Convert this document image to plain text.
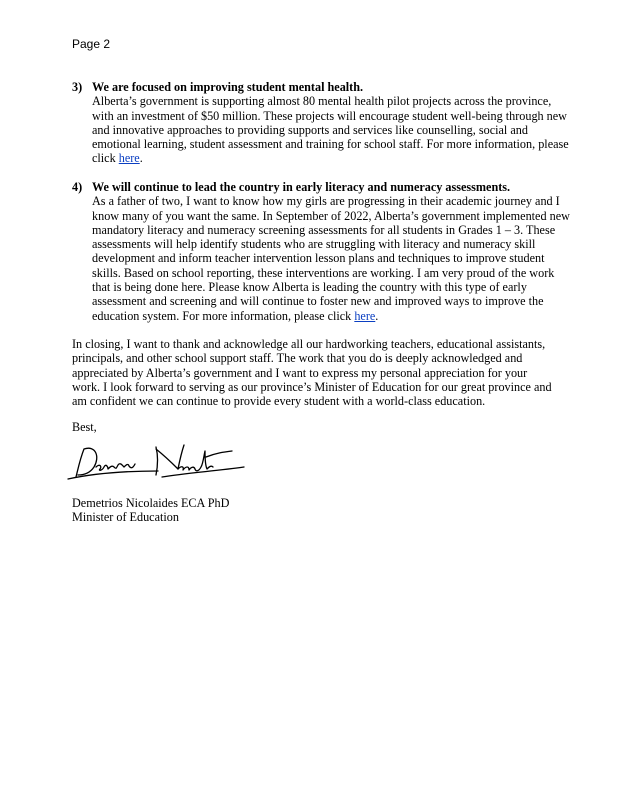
Page 2
3) We are focused on improving student mental health.
Alberta’s government is supporting almost 80 mental health pilot projects across the province, with an investment of $50 million. These projects will encourage student well-being through new and innovative approaches to providing supports and services like counselling, social and emotional learning, student assessment and training for school staff. For more information, please click here.
4) We will continue to lead the country in early literacy and numeracy assessments.
As a father of two, I want to know how my girls are progressing in their academic journey and I know many of you want the same. In September of 2022, Alberta’s government implemented new mandatory literacy and numeracy screening assessments for all students in Grades 1 – 3. These assessments will help identify students who are struggling with literacy and numeracy skill development and inform teacher intervention lesson plans and techniques to improve student skills. Based on school reporting, these interventions are working. I am very proud of the work that is being done here. Please know Alberta is leading the country with this type of early assessment and screening and will continue to foster new and improved ways to improve the education system. For more information, please click here.
In closing, I want to thank and acknowledge all our hardworking teachers, educational assistants, principals, and other school support staff. The work that you do is deeply acknowledged and appreciated by Alberta’s government and I want to express my personal appreciation for your work. I look forward to serving as our province’s Minister of Education for our great province and am confident we can continue to provide every student with a world-class education.
Best,
Demetrios Nicolaides ECA PhD
Minister of Education
